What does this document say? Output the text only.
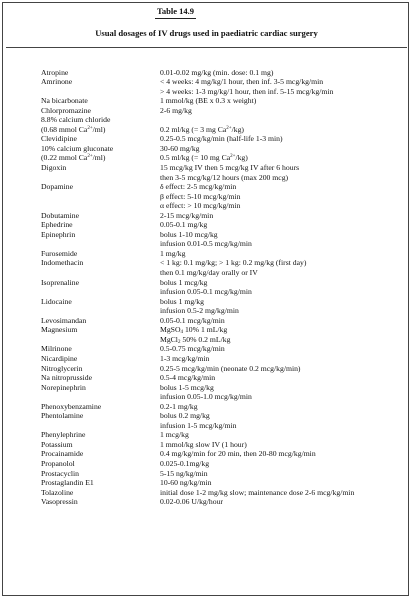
Table 14.9
Usual dosages of IV drugs used in paediatric cardiac surgery
Atropine	0.01-0.02 mg/kg (min. dose: 0.1 mg)
Amrinone	< 4 weeks: 4 mg/kg/1 hour, then inf. 3-5 mcg/kg/min
> 4 weeks: 1-3 mg/kg/1 hour, then inf. 5-15 mcg/kg/min
Na bicarbonate	1 mmol/kg (BE x 0.3 x weight)
Chlorpromazine	2-6 mg/kg
8.8% calcium chloride
(0.68 mmol $Ca^{2+}/ml$)	0.2 ml/kg (= 3 mg $Ca^{2+}/kg$)
Clevidipine	0.25-0.5 mcg/kg/min (half-life 1-3 min)
10% calcium gluconate	30-60 mg/kg
(0.22 mmol $Ca^{2+}/ml$)	0.5 ml/kg (= 10 mg $Ca^{2+}/kg$)
Digoxin	15 mcg/kg IV then 5 mcg/kg IV after 6 hours
then 3-5 mcg/kg/12 hours (max 200 mcg)
Dopamine	δ effect: 2-5 mcg/kg/min
β effect: 5-10 mcg/kg/min
α effect: > 10 mcg/kg/min
Dobutamine	2-15 mcg/kg/min
Ephedrine	0.05-0.1 mg/kg
Epinephrin	bolus 1-10 mcg/kg
infusion 0.01-0.5 mcg/kg/min
Furosemide	1 mg/kg
Indomethacin	< 1 kg: 0.1 mg/kg; > 1 kg: 0.2 mg/kg (first day)
then 0.1 mg/kg/day orally or IV
Isoprenaline	bolus 1 mcg/kg
infusion 0.05-0.1 mcg/kg/min
Lidocaine	bolus 1 mg/kg
infusion 0.5-2 mg/kg/min
Levosimandan	0.05-0.1 mcg/kg/min
Magnesium	MgSO$_4$ 10% 1 mL/kg
MgCl$_2$ 50% 0.2 mL/kg
Milrinone	0.5-0.75 mcg/kg/min
Nicardipine	1-3 mcg/kg/min
Nitroglycerin	0.25-5 mcg/kg/min (neonate 0.2 mcg/kg/min)
Na nitroprusside	0.5-4 mcg/kg/min
Norepinephrin	bolus 1-5 mcg/kg
infusion 0.05-1.0 mcg/kg/min
Phenoxybenzamine	0.2-1 mg/kg
Phentolamine	bolus 0.2 mg/kg
infusion 1-5 mcg/kg/min
Phenylephrine	1 mcg/kg
Potassium	1 mmol/kg slow IV (1 hour)
Procainamide	0.4 mg/kg/min for 20 min, then 20-80 mcg/kg/min
Propanolol	0.025-0.1mg/kg
Prostacyclin	5-15 ng/kg/min
Prostaglandin E1	10-60 ng/kg/min
Tolazoline	initial dose 1-2 mg/kg slow; maintenance dose 2-6 mcg/kg/min
Vasopressin	0.02-0.06 U/kg/hour
